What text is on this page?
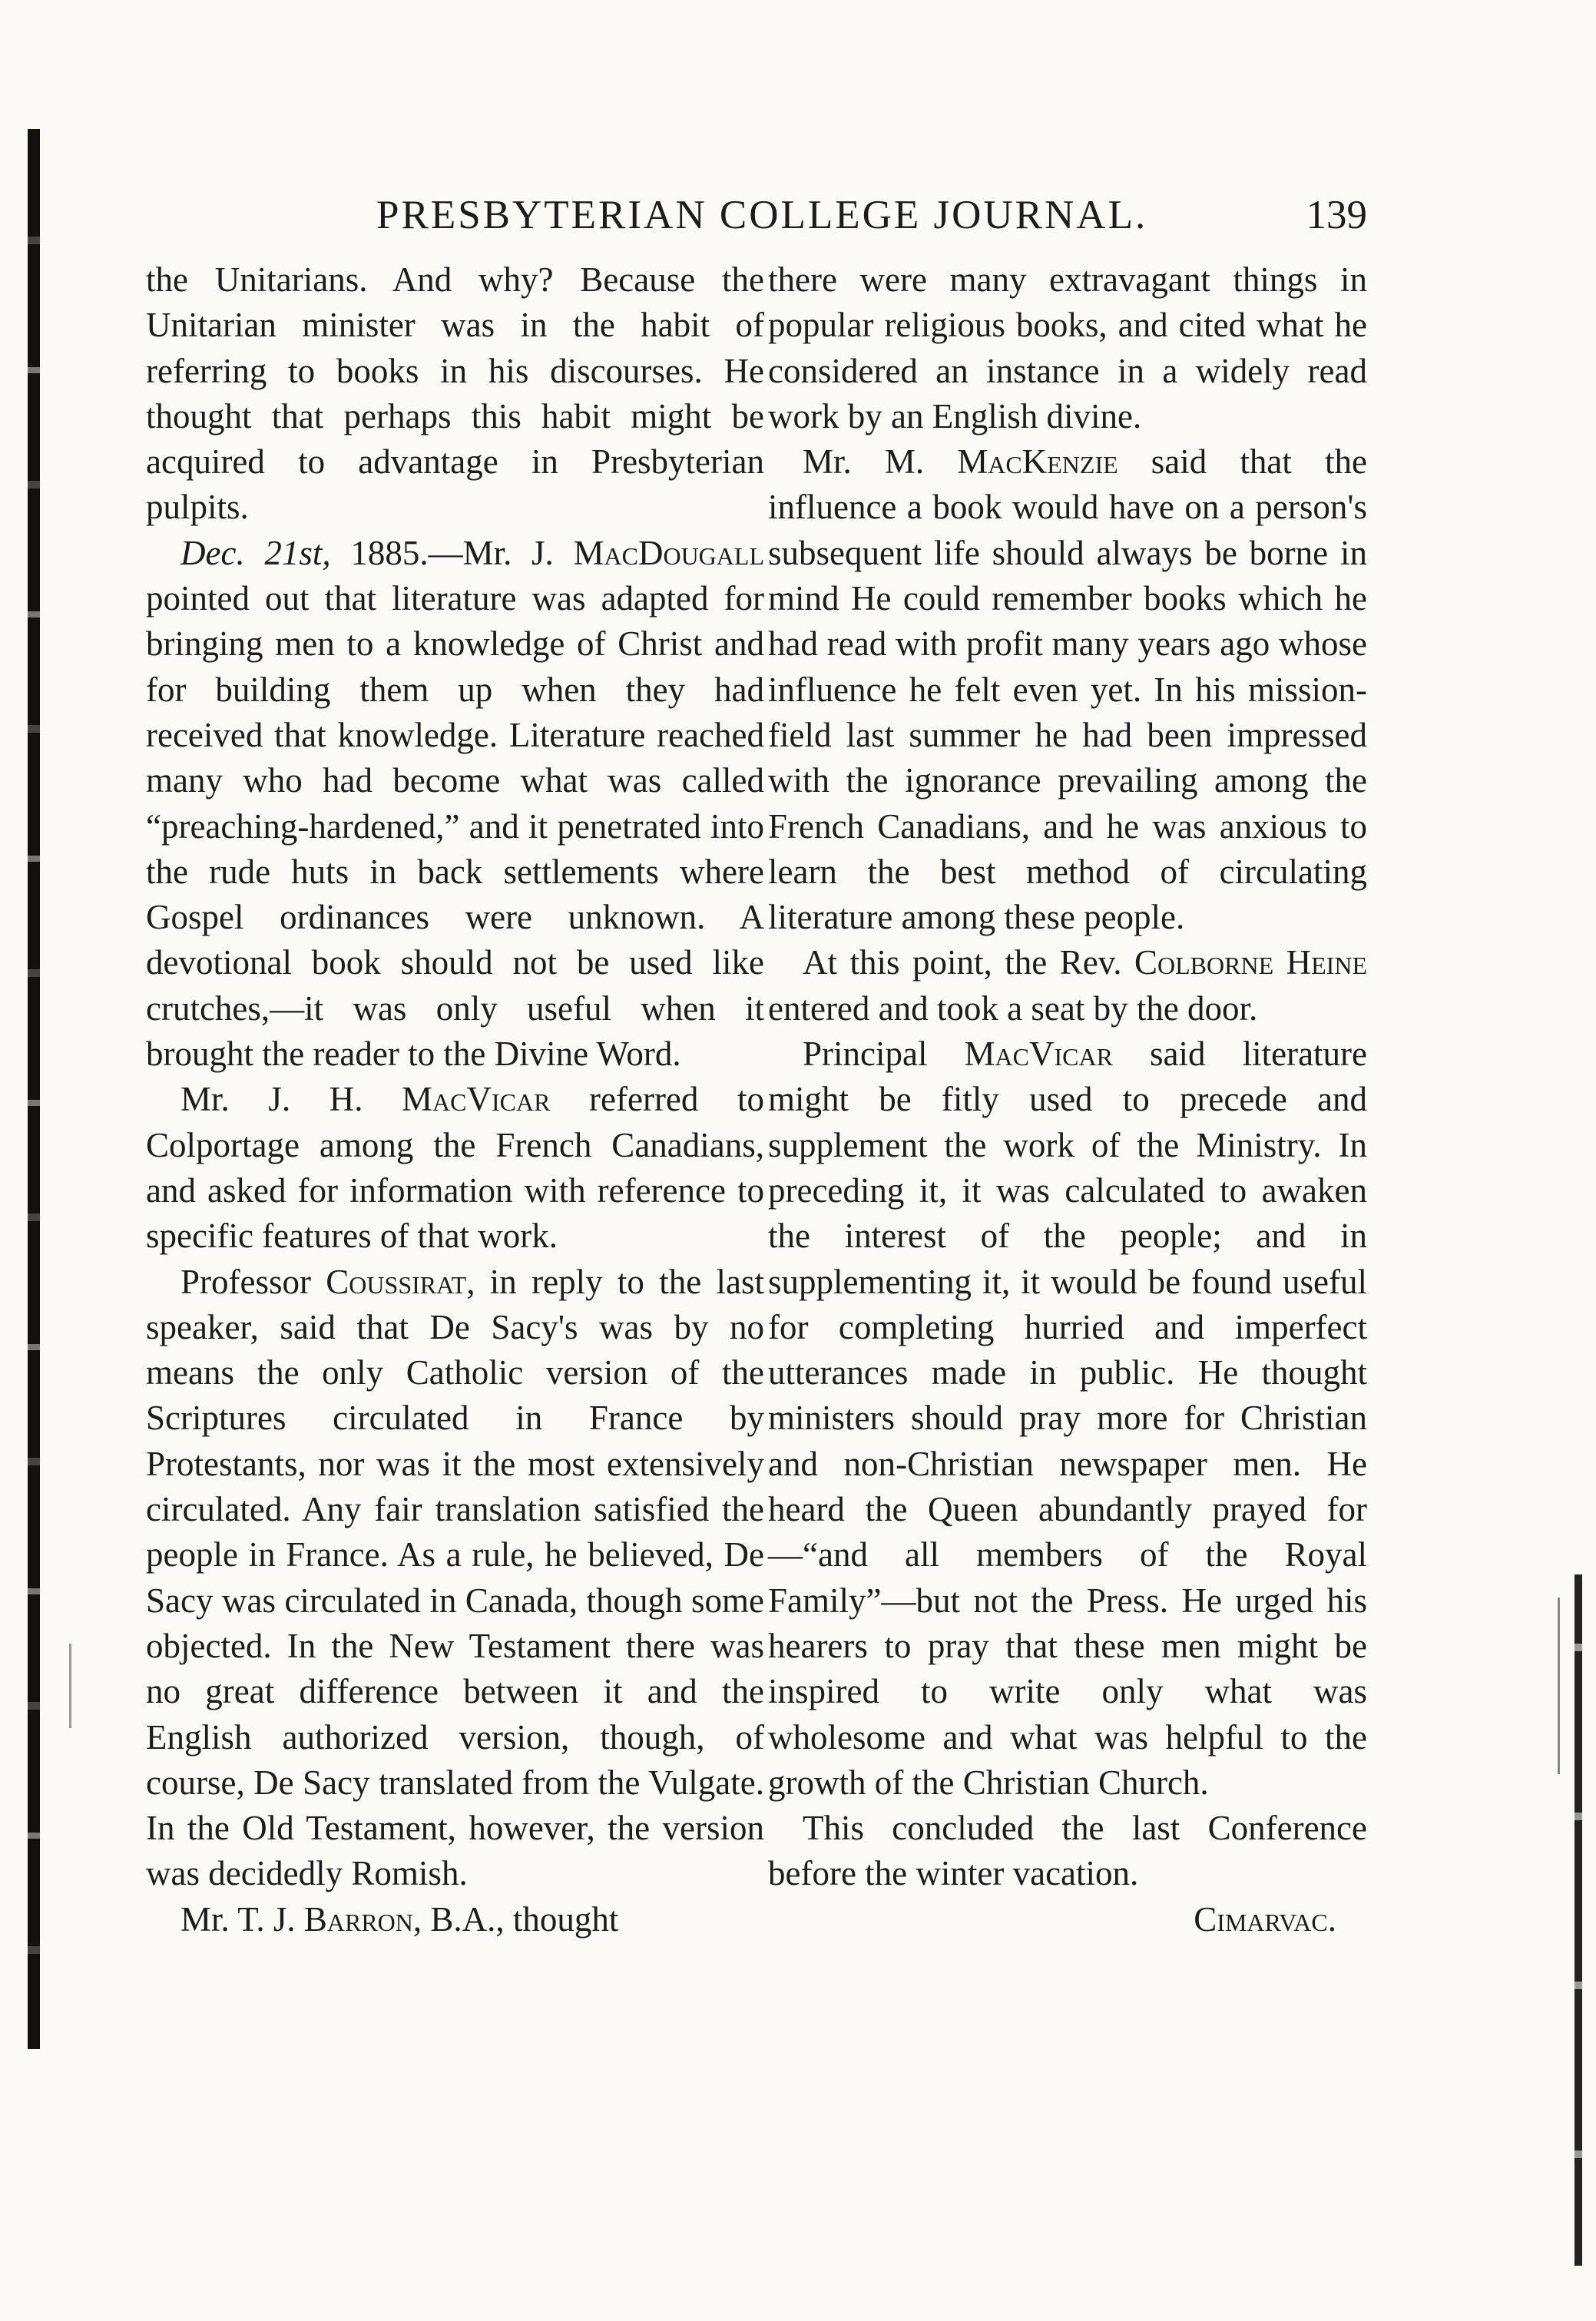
PRESBYTERIAN COLLEGE JOURNAL.	139

the Unitarians. And why? Because the Unitarian minister was in the habit of referring to books in his discourses. He thought that perhaps this habit might be acquired to advantage in Presbyterian pulpits.

Dec. 21st, 1885.—Mr. J. MacDougall pointed out that literature was adapted for bringing men to a knowledge of Christ and for building them up when they had received that knowledge. Literature reached many who had become what was called “preaching-hardened,” and it penetrated into the rude huts in back settlements where Gospel ordinances were unknown. A devotional book should not be used like crutches,—it was only useful when it brought the reader to the Divine Word.

Mr. J. H. MacVicar referred to Colportage among the French Canadians, and asked for information with reference to specific features of that work.

Professor Coussirat, in reply to the last speaker, said that De Sacy's was by no means the only Catholic version of the Scriptures circulated in France by Protestants, nor was it the most extensively circulated. Any fair translation satisfied the people in France. As a rule, he believed, De Sacy was circulated in Canada, though some objected. In the New Testament there was no great difference between it and the English authorized version, though, of course, De Sacy translated from the Vulgate. In the Old Testament, however, the version was decidedly Romish.

Mr. T. J. Barron, B.A., thought

there were many extravagant things in popular religious books, and cited what he considered an instance in a widely read work by an English divine.

Mr. M. MacKenzie said that the influence a book would have on a person's subsequent life should always be borne in mind He could remember books which he had read with profit many years ago whose influence he felt even yet. In his mission-field last summer he had been impressed with the ignorance prevailing among the French Canadians, and he was anxious to learn the best method of circulating literature among these people.

At this point, the Rev. Colborne Heine entered and took a seat by the door.

Principal MacVicar said literature might be fitly used to precede and supplement the work of the Ministry. In preceding it, it was calculated to awaken the interest of the people; and in supplementing it, it would be found useful for completing hurried and imperfect utterances made in public. He thought ministers should pray more for Christian and non-Christian newspaper men. He heard the Queen abundantly prayed for—“and all members of the Royal Family”—but not the Press. He urged his hearers to pray that these men might be inspired to write only what was wholesome and what was helpful to the growth of the Christian Church.

This concluded the last Conference before the winter vacation.

Cimarvac.
